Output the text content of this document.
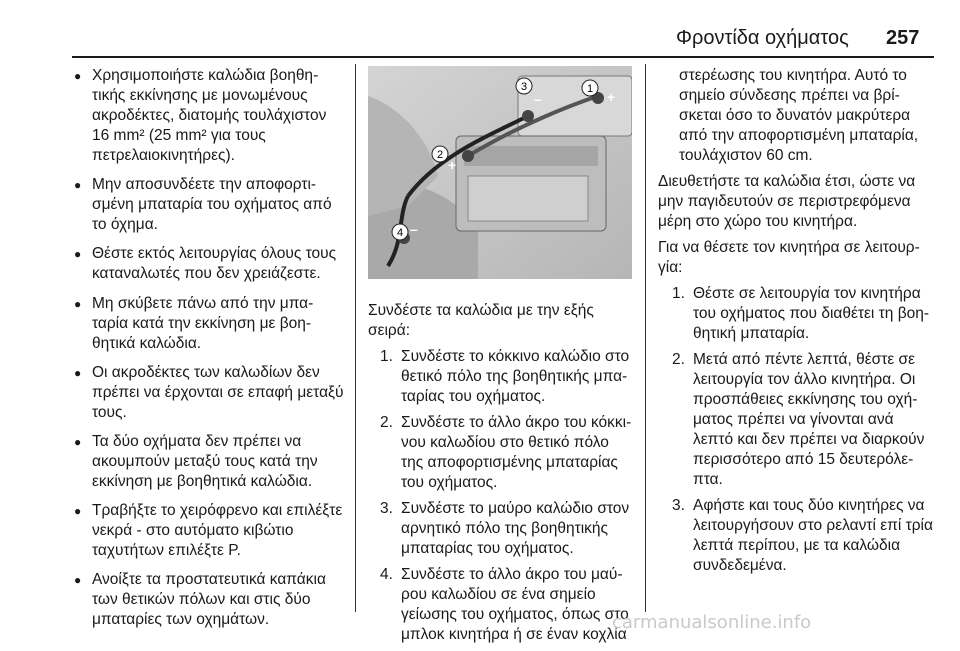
Φροντίδα οχήματος 257
● Χρησιμοποιήστε καλώδια βοηθητικής εκκίνησης με μονωμένους ακροδέκτες, διατομής τουλάχιστον 16 mm² (25 mm² για τους πετρελαιοκινητήρες).
● Μην αποσυνδέετε την αποφορτισμένη μπαταρία του οχήματος από το όχημα.
● Θέστε εκτός λειτουργίας όλους τους καταναλωτές που δεν χρειάζεστε.
● Μη σκύβετε πάνω από την μπαταρία κατά την εκκίνηση με βοηθητικά καλώδια.
● Οι ακροδέκτες των καλωδίων δεν πρέπει να έρχονται σε επαφή μεταξύ τους.
● Τα δύο οχήματα δεν πρέπει να ακουμπούν μεταξύ τους κατά την εκκίνηση με βοηθητικά καλώδια.
● Τραβήξτε το χειρόφρενο και επιλέξτε νεκρά - στο αυτόματο κιβώτιο ταχυτήτων επιλέξτε P.
● Ανοίξτε τα προστατευτικά καπάκια των θετικών πόλων και στις δύο μπαταρίες των οχημάτων.
1 +
3
–
2
+
4 –

Συνδέστε τα καλώδια με την εξής σειρά:

1. Συνδέστε το κόκκινο καλώδιο στο θετικό πόλο της βοηθητικής μπαταρίας του οχήματος.
2. Συνδέστε το άλλο άκρο του κόκκινου καλωδίου στο θετικό πόλο της αποφορτισμένης μπαταρίας του οχήματος.
3. Συνδέστε το μαύρο καλώδιο στον αρνητικό πόλο της βοηθητικής μπαταρίας του οχήματος.
4. Συνδέστε το άλλο άκρο του μαύρου καλωδίου σε ένα σημείο γείωσης του οχήματος, όπως στο μπλοκ κινητήρα ή σε έναν κοχλία

στερέωσης του κινητήρα. Αυτό το σημείο σύνδεσης πρέπει να βρίσκεται όσο το δυνατόν μακρύτερα από την αποφορτισμένη μπαταρία, τουλάχιστον 60 cm.

Διευθετήστε τα καλώδια έτσι, ώστε να μην παγιδευτούν σε περιστρεφόμενα μέρη στο χώρο του κινητήρα.

Για να θέσετε τον κινητήρα σε λειτουργία:

1. Θέστε σε λειτουργία τον κινητήρα του οχήματος που διαθέτει τη βοηθητική μπαταρία.
2. Μετά από πέντε λεπτά, θέστε σε λειτουργία τον άλλο κινητήρα. Οι προσπάθειες εκκίνησης του οχήματος πρέπει να γίνονται ανά λεπτό και δεν πρέπει να διαρκούν περισσότερο από 15 δευτερόλεπτα.
3. Αφήστε και τους δύο κινητήρες να λειτουργήσουν στο ρελαντί επί τρία λεπτά περίπου, με τα καλώδια συνδεδεμένα.
carmanualsonline.info
